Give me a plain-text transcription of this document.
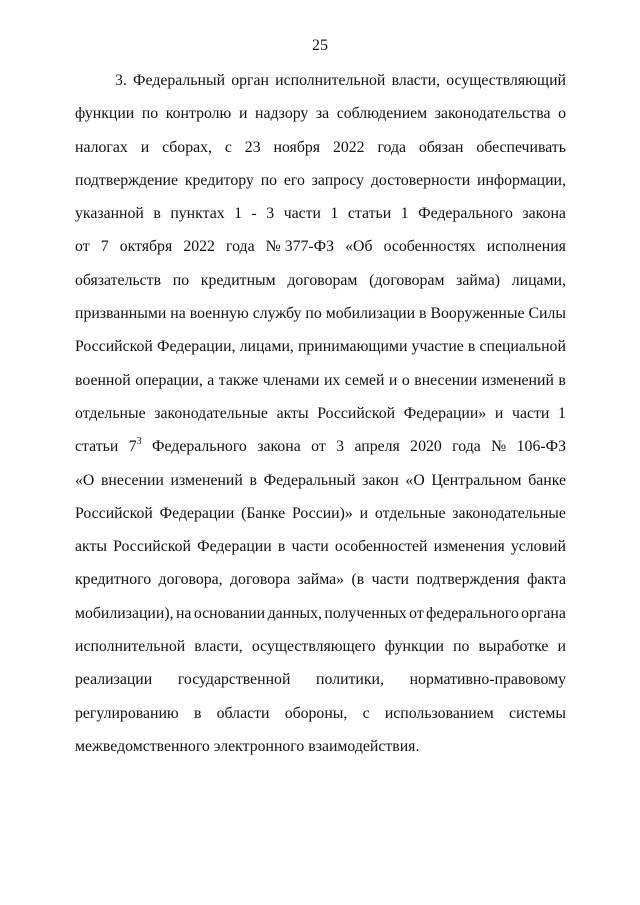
25
3. Федеральный орган исполнительной власти, осуществляющий
функции по контролю и надзору за соблюдением законодательства о
налогах и сборах, с 23 ноября 2022 года обязан обеспечивать
подтверждение кредитору по его запросу достоверности информации,
указанной в пунктах 1 - 3 части 1 статьи 1 Федерального закона
от 7 октября 2022 года № 377-ФЗ «Об особенностях исполнения
обязательств по кредитным договорам (договорам займа) лицами,
призванными на военную службу по мобилизации в Вооруженные Силы
Российской Федерации, лицами, принимающими участие в специальной
военной операции, а также членами их семей и о внесении изменений в
отдельные законодательные акты Российской Федерации» и части 1
статьи $7^3$ Федерального закона от 3 апреля 2020 года № 106-ФЗ
«О внесении изменений в Федеральный закон «О Центральном банке
Российской Федерации (Банке России)» и отдельные законодательные
акты Российской Федерации в части особенностей изменения условий
кредитного договора, договора займа» (в части подтверждения факта
мобилизации), на основании данных, полученных от федерального органа
исполнительной власти, осуществляющего функции по выработке и
реализации государственной политики, нормативно-правовому
регулированию в области обороны, с использованием системы
межведомственного электронного взаимодействия.
